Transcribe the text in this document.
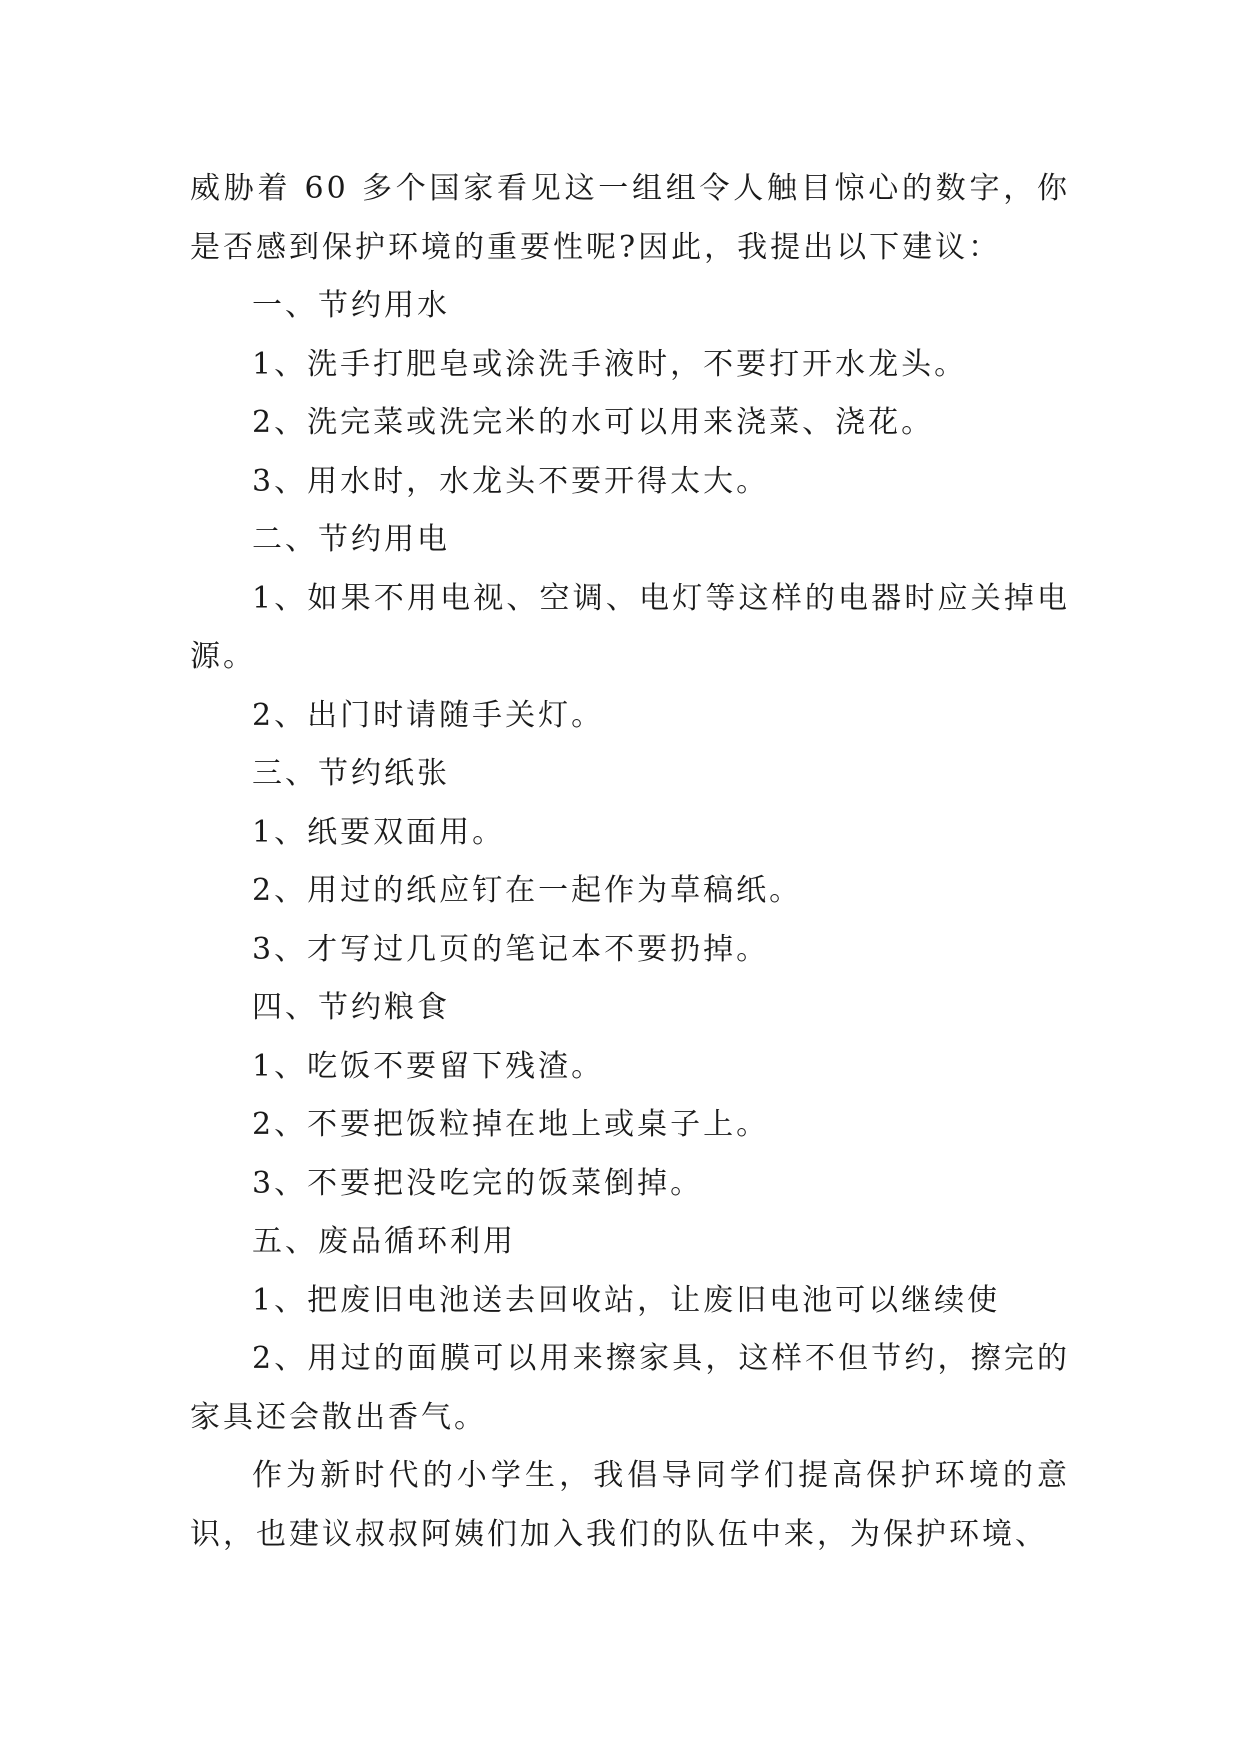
威胁着 60 多个国家看见这一组组令人触目惊心的数字，你是否感到保护环境的重要性呢?因此，我提出以下建议：

一、节约用水

1、洗手打肥皂或涂洗手液时，不要打开水龙头。

2、洗完菜或洗完米的水可以用来浇菜、浇花。

3、用水时，水龙头不要开得太大。

二、节约用电

1、如果不用电视、空调、电灯等这样的电器时应关掉电源。

2、出门时请随手关灯。

三、节约纸张

1、纸要双面用。

2、用过的纸应钉在一起作为草稿纸。

3、才写过几页的笔记本不要扔掉。

四、节约粮食

1、吃饭不要留下残渣。

2、不要把饭粒掉在地上或桌子上。

3、不要把没吃完的饭菜倒掉。

五、废品循环利用

1、把废旧电池送去回收站，让废旧电池可以继续使

2、用过的面膜可以用来擦家具，这样不但节约，擦完的家具还会散出香气。

作为新时代的小学生，我倡导同学们提高保护环境的意识，也建议叔叔阿姨们加入我们的队伍中来，为保护环境、
